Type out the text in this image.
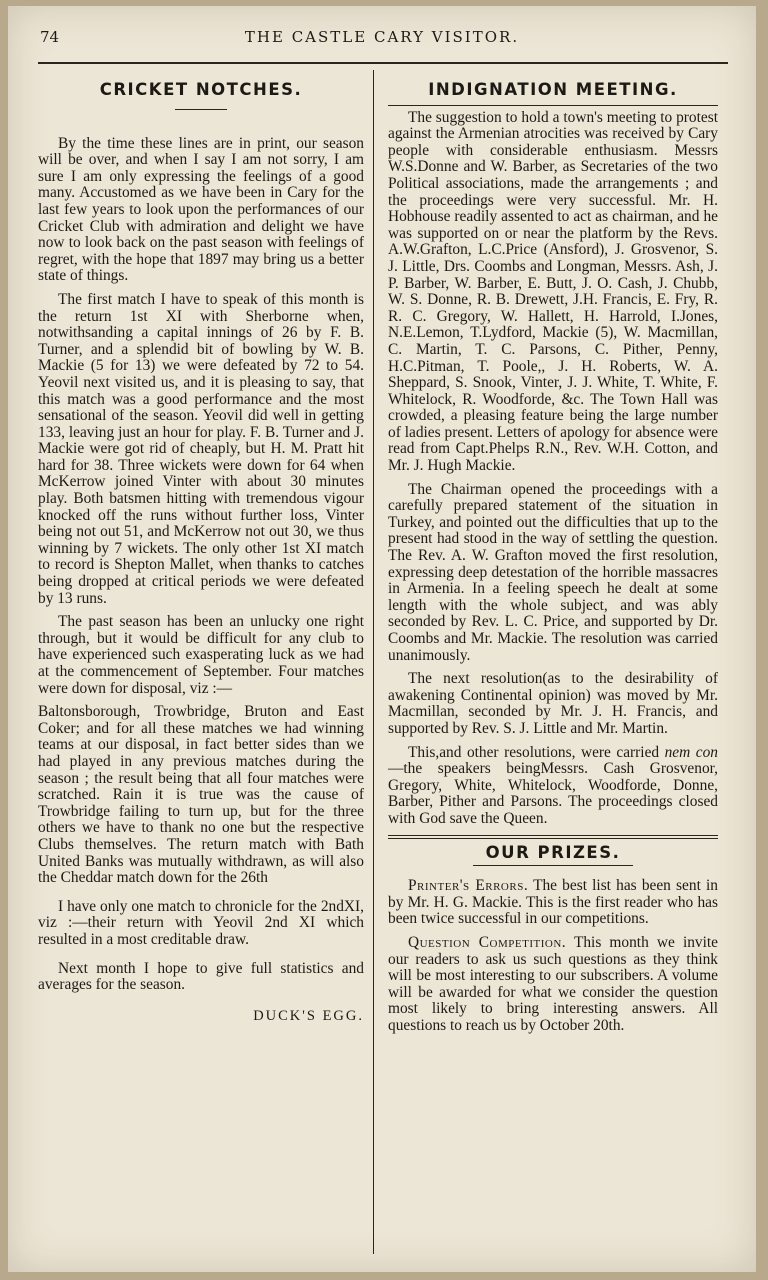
74	THE CASTLE CARY VISITOR.
CRICKET NOTCHES.

By the time these lines are in print, our season will be over, and when I say I am not sorry, I am sure I am only expressing the feelings of a good many. Accustomed as we have been in Cary for the last few years to look upon the performances of our Cricket Club with admiration and delight we have now to look back on the past season with feelings of regret, with the hope that 1897 may bring us a better state of things.

The first match I have to speak of this month is the return 1st XI with Sherborne when, notwithsanding a capital innings of 26 by F. B. Turner, and a splendid bit of bowling by W. B. Mackie (5 for 13) we were defeated by 72 to 54. Yeovil next visited us, and it is pleasing to say, that this match was a good performance and the most sensational of the season. Yeovil did well in getting 133, leaving just an hour for play. F. B. Turner and J. Mackie were got rid of cheaply, but H. M. Pratt hit hard for 38. Three wickets were down for 64 when McKerrow joined Vinter with about 30 minutes play. Both batsmen hitting with tremendous vigour knocked off the runs without further loss, Vinter being not out 51, and McKerrow not out 30, we thus winning by 7 wickets. The only other 1st XI match to record is Shepton Mallet, when thanks to catches being dropped at critical periods we were defeated by 13 runs.

The past season has been an unlucky one right through, but it would be difficult for any club to have experienced such exasperating luck as we had at the commencement of September. Four matches were down for disposal, viz :—

Baltonsborough, Trowbridge, Bruton and East Coker; and for all these matches we had winning teams at our disposal, in fact better sides than we had played in any previous matches during the season ; the result being that all four matches were scratched. Rain it is true was the cause of Trowbridge failing to turn up, but for the three others we have to thank no one but the respective Clubs themselves. The return match with Bath United Banks was mutually withdrawn, as will also the Cheddar match down for the 26th

I have only one match to chronicle for the 2ndXI, viz :—their return with Yeovil 2nd XI which resulted in a most creditable draw.

Next month I hope to give full statistics and averages for the season.

DUCK'S EGG.
INDIGNATION MEETING.

The suggestion to hold a town's meeting to protest against the Armenian atrocities was received by Cary people with considerable enthusiasm. Messrs W.S.Donne and W. Barber, as Secretaries of the two Political associations, made the arrangements ; and the proceedings were very successful. Mr. H. Hobhouse readily assented to act as chairman, and he was supported on or near the platform by the Revs. A.W.Grafton, L.C.Price (Ansford), J. Grosvenor, S. J. Little, Drs. Coombs and Longman, Messrs. Ash, J. P. Barber, W. Barber, E. Butt, J. O. Cash, J. Chubb, W. S. Donne, R. B. Drewett, J.H. Francis, E. Fry, R. R. C. Gregory, W. Hallett, H. Harrold, I.Jones, N.E.Lemon, T.Lydford, Mackie (5), W. Macmillan, C. Martin, T. C. Parsons, C. Pither, Penny, H.C.Pitman, T. Poole,, J. H. Roberts, W. A. Sheppard, S. Snook, Vinter, J. J. White, T. White, F. Whitelock, R. Woodforde, &c. The Town Hall was crowded, a pleasing feature being the large number of ladies present. Letters of apology for absence were read from Capt.Phelps R.N., Rev. W.H. Cotton, and Mr. J. Hugh Mackie.

The Chairman opened the proceedings with a carefully prepared statement of the situation in Turkey, and pointed out the difficulties that up to the present had stood in the way of settling the question. The Rev. A. W. Grafton moved the first resolution, expressing deep detestation of the horrible massacres in Armenia. In a feeling speech he dealt at some length with the whole subject, and was ably seconded by Rev. L. C. Price, and supported by Dr. Coombs and Mr. Mackie. The resolution was carried unanimously.

The next resolution(as to the desirability of awakening Continental opinion) was moved by Mr. Macmillan, seconded by Mr. J. H. Francis, and supported by Rev. S. J. Little and Mr. Martin.

This,and other resolutions, were carried nem con—the speakers beingMessrs. Cash Grosvenor, Gregory, White, Whitelock, Woodforde, Donne, Barber, Pither and Parsons. The proceedings closed with God save the Queen.

OUR PRIZES.

Printer's Errors. The best list has been sent in by Mr. H. G. Mackie. This is the first reader who has been twice successful in our competitions.

Question Competition. This month we invite our readers to ask us such questions as they think will be most interesting to our subscribers. A volume will be awarded for what we consider the question most likely to bring interesting answers. All questions to reach us by October 20th.
